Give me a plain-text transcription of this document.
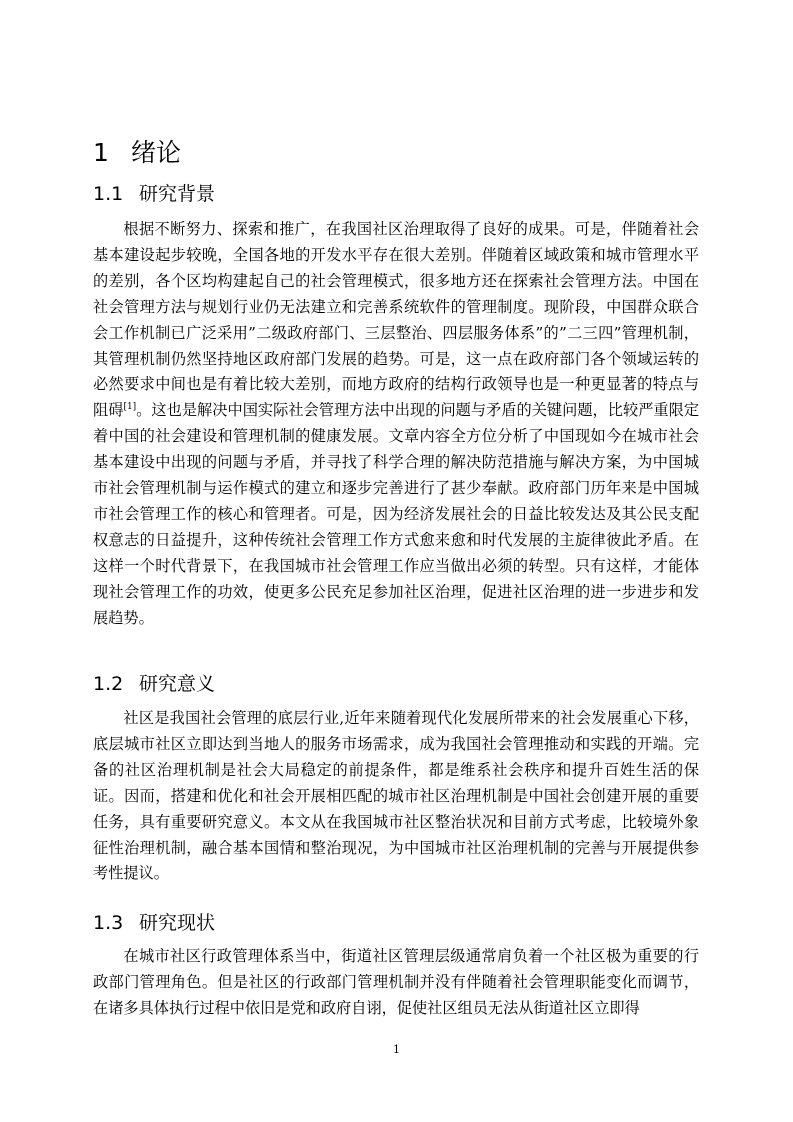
1 绪论
1.1 研究背景

根据不断努力、探索和推广，在我国社区治理取得了良好的成果。可是，伴随着社会基本建设起步较晚，全国各地的开发水平存在很大差别。伴随着区域政策和城市管理水平的差别，各个区均构建起自己的社会管理模式，很多地方还在探索社会管理方法。中国在社会管理方法与规划行业仍无法建立和完善系统软件的管理制度。现阶段，中国群众联合会工作机制已广泛采用”二级政府部门、三层整治、四层服务体系”的”二三四”管理机制，其管理机制仍然坚持地区政府部门发展的趋势。可是，这一点在政府部门各个领域运转的必然要求中间也是有着比较大差别，而地方政府的结构行政领导也是一种更显著的特点与阻碍[1]。这也是解决中国实际社会管理方法中出现的问题与矛盾的关键问题，比较严重限定着中国的社会建设和管理机制的健康发展。文章内容全方位分析了中国现如今在城市社会基本建设中出现的问题与矛盾，并寻找了科学合理的解决防范措施与解决方案，为中国城市社会管理机制与运作模式的建立和逐步完善进行了甚少奉献。政府部门历年来是中国城市社会管理工作的核心和管理者。可是，因为经济发展社会的日益比较发达及其公民支配权意志的日益提升，这种传统社会管理工作方式愈来愈和时代发展的主旋律彼此矛盾。在这样一个时代背景下，在我国城市社会管理工作应当做出必须的转型。只有这样，才能体现社会管理工作的功效，使更多公民充足参加社区治理，促进社区治理的进一步进步和发展趋势。

1.2 研究意义

社区是我国社会管理的底层行业,近年来随着现代化发展所带来的社会发展重心下移，底层城市社区立即达到当地人的服务市场需求，成为我国社会管理推动和实践的开端。完备的社区治理机制是社会大局稳定的前提条件，都是维系社会秩序和提升百姓生活的保证。因而，搭建和优化和社会开展相匹配的城市社区治理机制是中国社会创建开展的重要任务，具有重要研究意义。本文从在我国城市社区整治状况和目前方式考虑，比较境外象征性治理机制，融合基本国情和整治现况，为中国城市社区治理机制的完善与开展提供参考性提议。

1.3 研究现状

在城市社区行政管理体系当中，街道社区管理层级通常肩负着一个社区极为重要的行政部门管理角色。但是社区的行政部门管理机制并没有伴随着社会管理职能变化而调节，在诸多具体执行过程中依旧是党和政府自诩，促使社区组员无法从街道社区立即得

1
